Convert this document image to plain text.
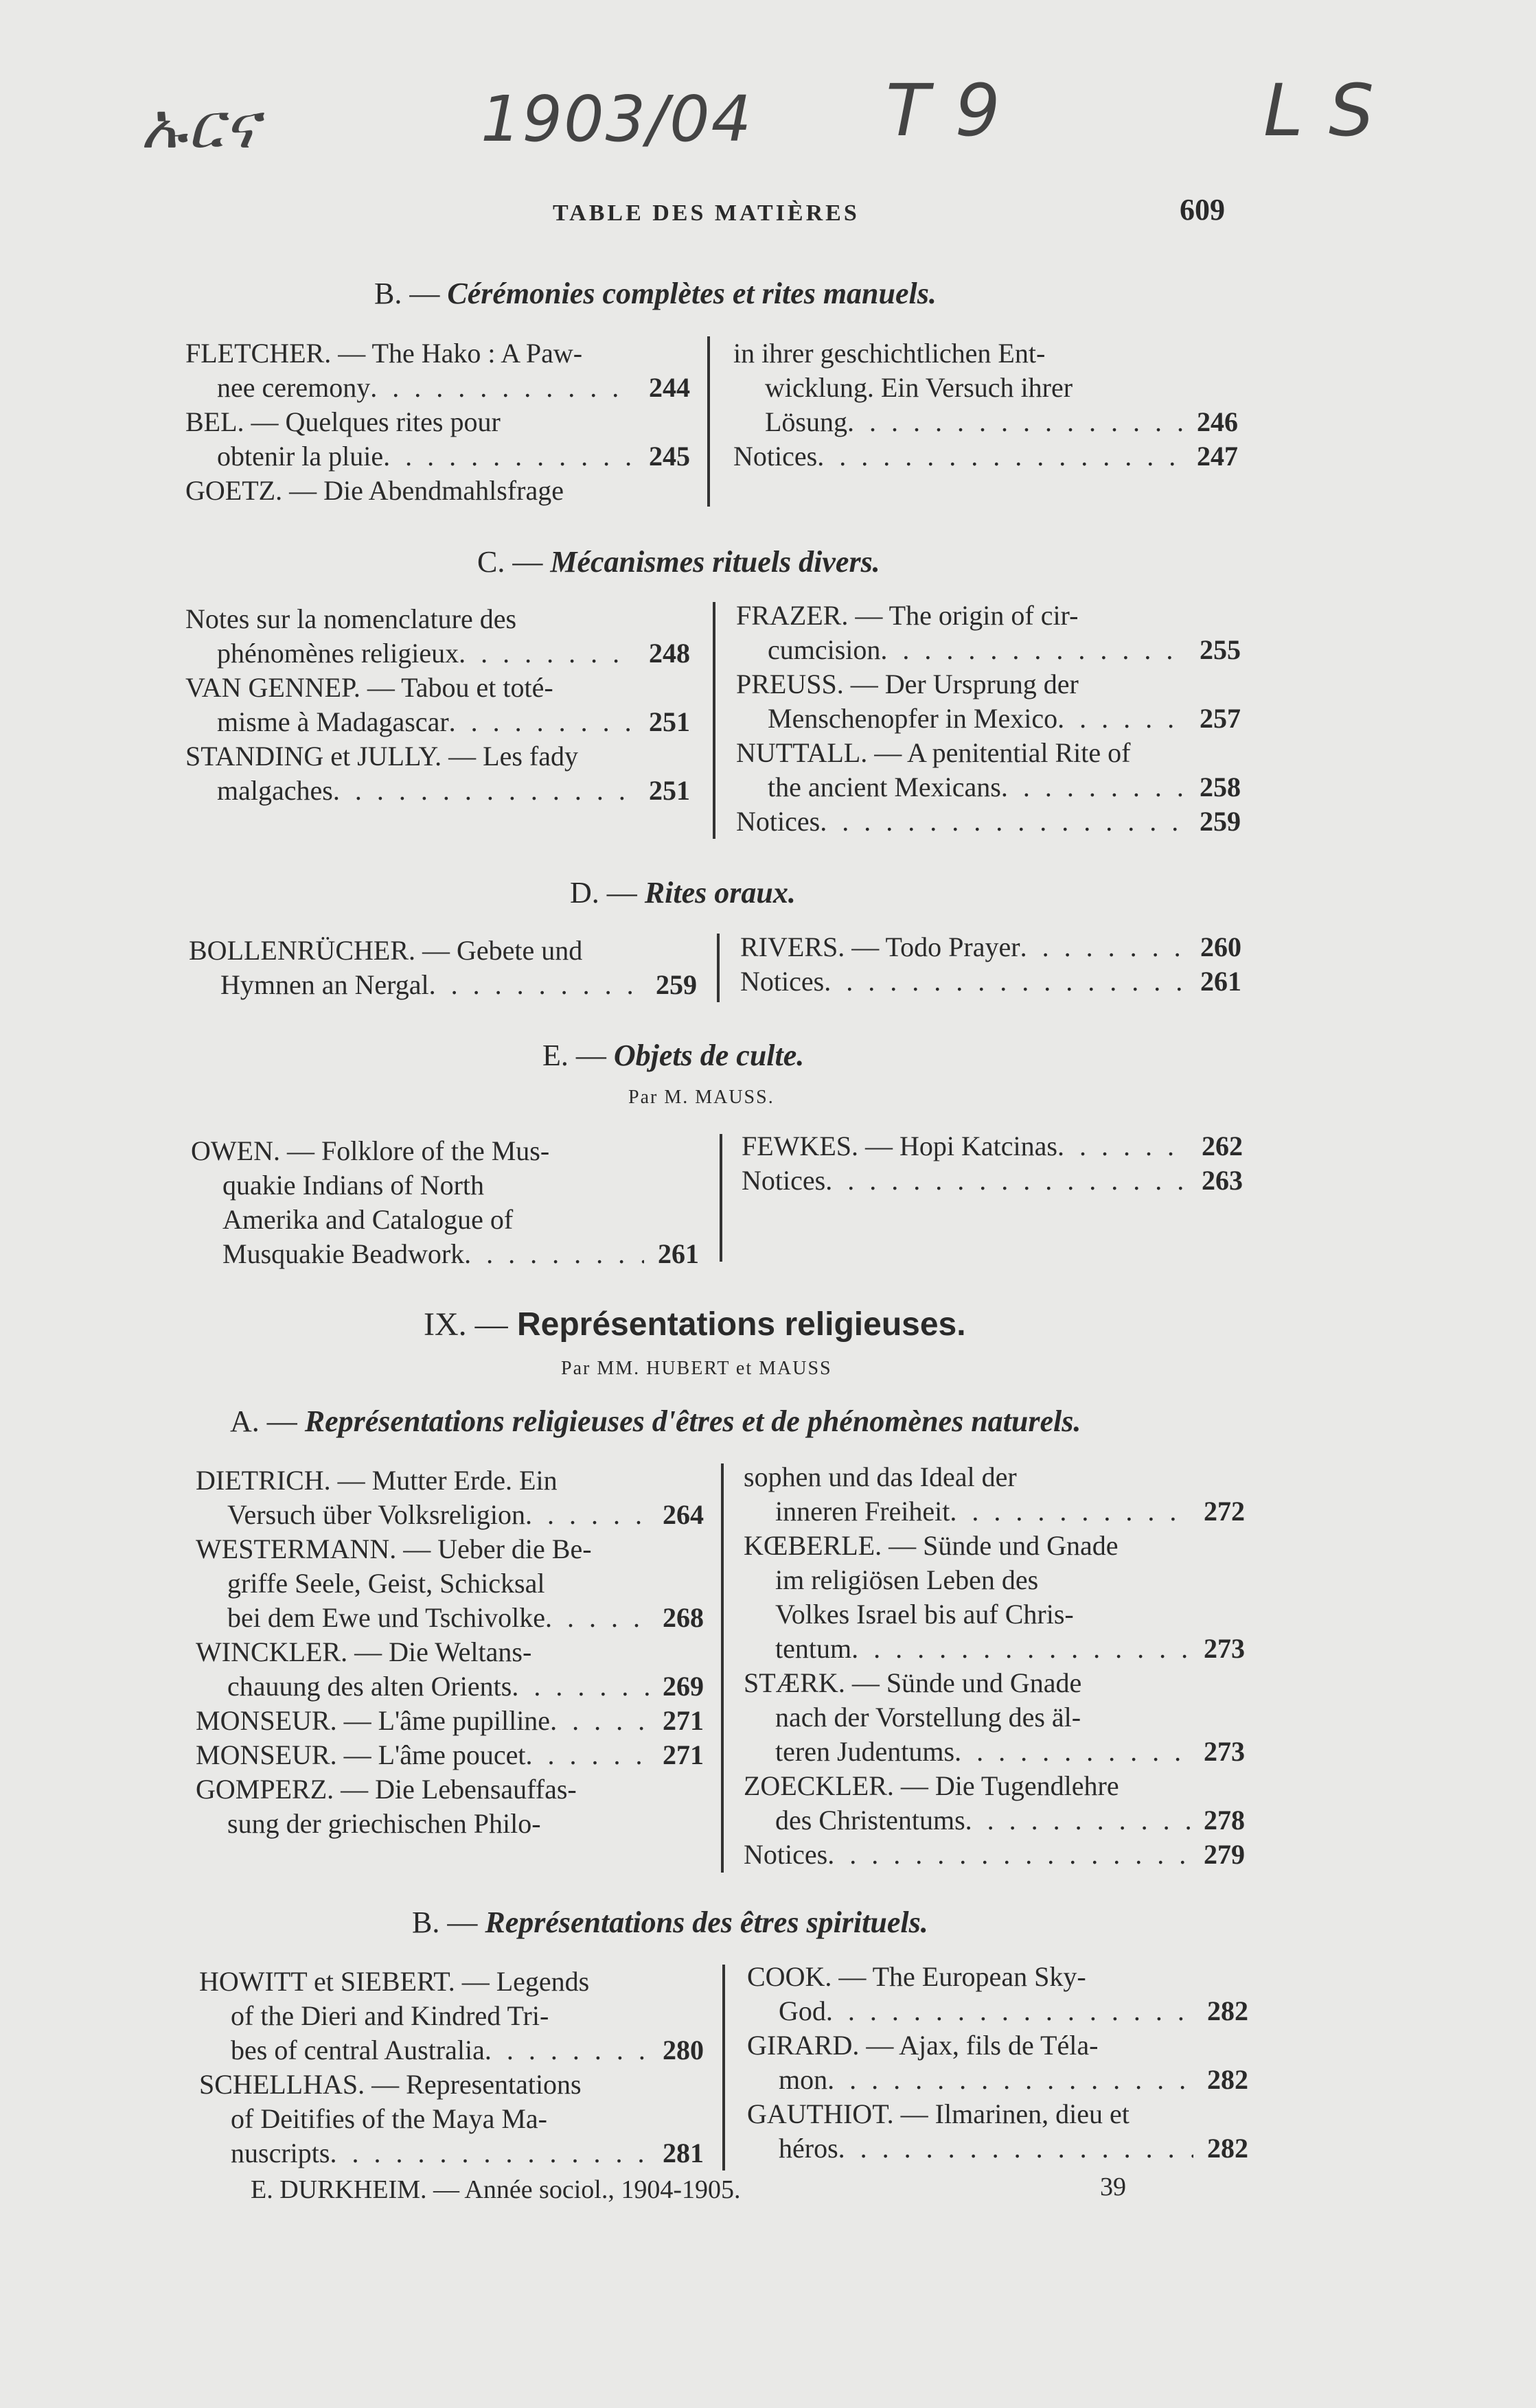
ኡርና	1903/04 T 9	L S
TABLE DES MATIÈRES	609
B. — Cérémonies complètes et rites manuels.
FLETCHER. — The Hako : A Paw-
nee ceremony . . .	244
BEL. — Quelques rites pour
obtenir la pluie . . .	245
GOETZ. — Die Abendmahlsfrage
in ihrer geschichtlichen Ent-
wicklung. Ein Versuch ihrer
Lösung . . .	246
Notices . . .	247
C. — Mécanismes rituels divers.
Notes sur la nomenclature des
phénomènes religieux . . .	248
VAN GENNEP. — Tabou et toté-
misme à Madagascar . . .	251
STANDING et JULLY. — Les fady
malgaches . . .	251
FRAZER. — The origin of cir-
cumcision . . .	255
PREUSS. — Der Ursprung der
Menschenopfer in Mexico . . .	257
NUTTALL. — A penitential Rite of
the ancient Mexicans . . .	258
Notices . . .	259
D. — Rites oraux.
BOLLENRÜCHER. — Gebete und
Hymnen an Nergal . . .	259
RIVERS. — Todo Prayer . . .	260
Notices . . .	261
E. — Objets de culte.
Par M. MAUSS.
OWEN. — Folklore of the Mus-
quakie Indians of North
Amerika and Catalogue of
Musquakie Beadwork . . .	261
FEWKES. — Hopi Katcinas . . .	262
Notices . . .	263
IX. — Représentations religieuses.
Par MM. HUBERT et MAUSS
A. — Représentations religieuses d'êtres et de phénomènes naturels.
DIETRICH. — Mutter Erde. Ein
Versuch über Volksreligion . . .	264
WESTERMANN. — Ueber die Be-
griffe Seele, Geist, Schicksal
bei dem Ewe und Tschivolke . . .	268
WINCKLER. — Die Weltans-
chauung des alten Orients . . .	269
MONSEUR. — L'âme pupilline . . .	271
MONSEUR. — L'âme poucet . . .	271
GOMPERZ. — Die Lebensauffas-
sung der griechischen Philo-
sophen und das Ideal der
inneren Freiheit . . .	272
KŒBERLE. — Sünde und Gnade
im religiösen Leben des
Volkes Israel bis auf Chris-
tentum . . .	273
STÆRK. — Sünde und Gnade
nach der Vorstellung des äl-
teren Judentums . . .	273
ZOECKLER. — Die Tugendlehre
des Christentums . . .	278
Notices . . .	279
B. — Représentations des êtres spirituels.
HOWITT et SIEBERT. — Legends
of the Dieri and Kindred Tri-
bes of central Australia . . .	280
SCHELLHAS. — Representations
of Deitifies of the Maya Ma-
nuscripts . . .	281
COOK. — The European Sky-
God . . .	282
GIRARD. — Ajax, fils de Téla-
mon . . .	282
GAUTHIOT. — Ilmarinen, dieu et
héros . . .	282
E. DURKHEIM. — Année sociol., 1904-1905.	39
